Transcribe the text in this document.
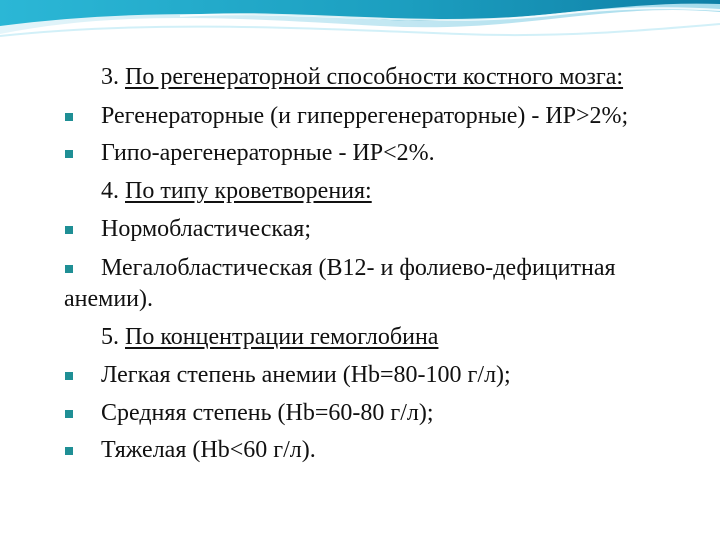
3. По регенераторной способности костного мозга:
Регенераторные (и гиперрегенераторные) - ИР>2%;
Гипо-арегенераторные - ИР<2%.
4. По типу кроветворения:
Нормобластическая;
Мегалобластическая (В12- и фолиево-дефицитная
анемии).
5. По концентрации гемоглобина
Легкая степень анемии (Hb=80-100 г/л);
Средняя степень (Hb=60-80 г/л);
Тяжелая (Hb<60 г/л).
